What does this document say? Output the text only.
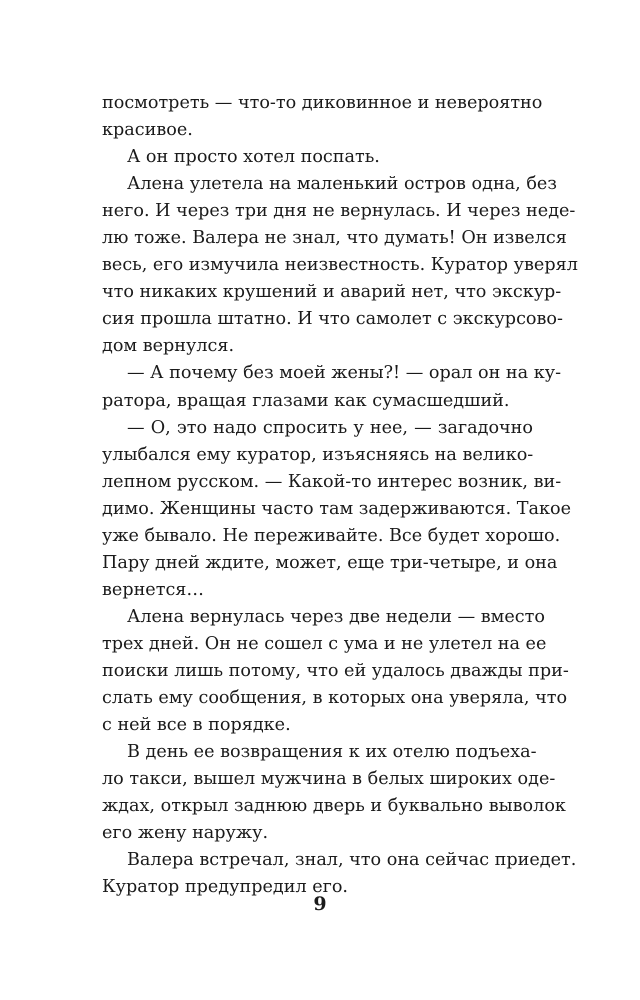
посмотреть — что-то диковинное и невероятно
красивое.
А он просто хотел поспать.
Алена улетела на маленький остров одна, без
него. И через три дня не вернулась. И через неде-
лю тоже. Валера не знал, что думать! Он извелся
весь, его измучила неизвестность. Куратор уверял
что никаких крушений и аварий нет, что экскур-
сия прошла штатно. И что самолет с экскурсово-
дом вернулся.
— А почему без моей жены?! — орал он на ку-
ратора, вращая глазами как сумасшедший.
— О, это надо спросить у нее, — загадочно
улыбался ему куратор, изъясняясь на велико-
лепном русском. — Какой-то интерес возник, ви-
димо. Женщины часто там задерживаются. Такое
уже бывало. Не переживайте. Все будет хорошо.
Пару дней ждите, может, еще три-четыре, и она
вернется…
Алена вернулась через две недели — вместо
трех дней. Он не сошел с ума и не улетел на ее
поиски лишь потому, что ей удалось дважды при-
слать ему сообщения, в которых она уверяла, что
с ней все в порядке.
В день ее возвращения к их отелю подъеха-
ло такси, вышел мужчина в белых широких оде-
ждах, открыл заднюю дверь и буквально выволок
его жену наружу.
Валера встречал, знал, что она сейчас приедет.
Куратор предупредил его.
9
